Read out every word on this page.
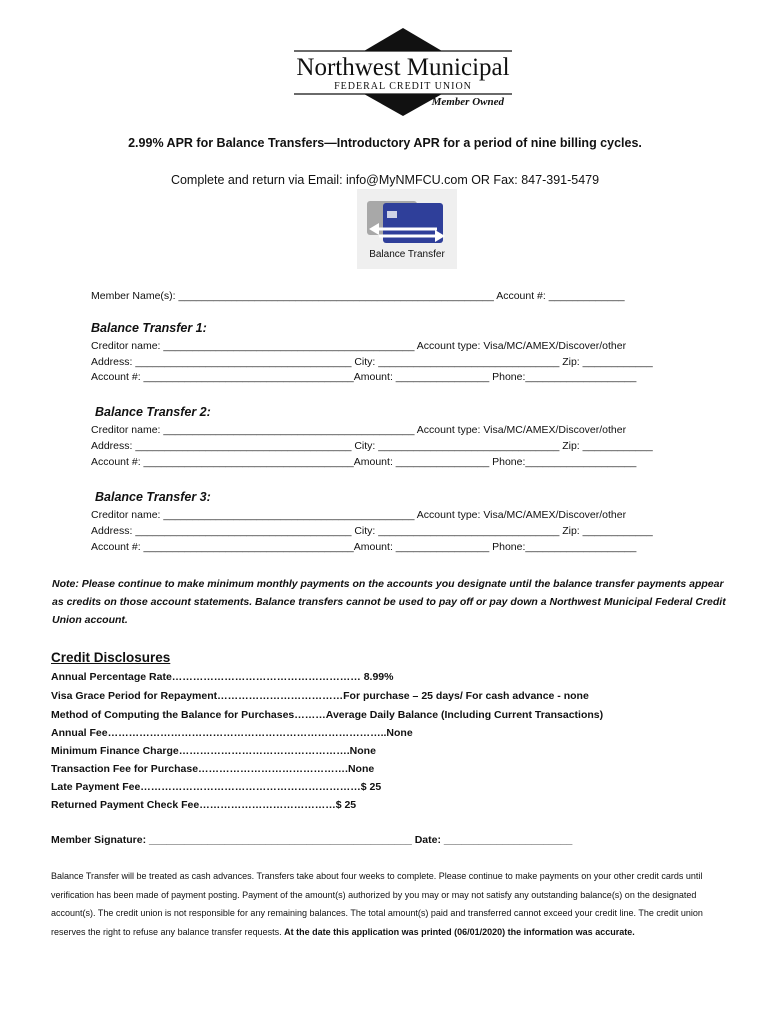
Northwest Municipal
FEDERAL CREDIT UNION
Member Owned
2.99% APR for Balance Transfers—Introductory APR for a period of nine billing cycles.
Complete and return via Email: info@MyNMFCU.com OR Fax: 847-391-5479
Balance Transfer
Member Name(s): ______________________________________________________ Account #: _____________
Balance Transfer 1:
Creditor name: ___________________________________________ Account type: Visa/MC/AMEX/Discover/other
Address: _____________________________________ City: _______________________________ Zip: ____________
Account #: ____________________________________Amount: ________________ Phone:___________________
Balance Transfer 2:
Creditor name: ___________________________________________ Account type: Visa/MC/AMEX/Discover/other
Address: _____________________________________ City: _______________________________ Zip: ____________
Account #: ____________________________________Amount: ________________ Phone:___________________
Balance Transfer 3:
Creditor name: ___________________________________________ Account type: Visa/MC/AMEX/Discover/other
Address: _____________________________________ City: _______________________________ Zip: ____________
Account #: ____________________________________Amount: ________________ Phone:___________________
Note: Please continue to make minimum monthly payments on the accounts you designate until the balance transfer payments appear as credits on those account statements. Balance transfers cannot be used to pay off or pay down a Northwest Municipal Federal Credit Union account.
Credit Disclosures
Annual Percentage Rate……………………………………………… 8.99%
Visa Grace Period for Repayment………………………………For purchase – 25 days/ For cash advance - none
Method of Computing the Balance for Purchases………Average Daily Balance (Including Current Transactions)
Annual Fee……………………………………………………………………..None
Minimum Finance Charge………………………………………….None
Transaction Fee for Purchase…………………………………….None
Late Payment Fee………………………………………………………$ 25
Returned Payment Check Fee…………………………………$ 25
Member Signature: _____________________________________________ Date: ______________________
Balance Transfer will be treated as cash advances. Transfers take about four weeks to complete. Please continue to make payments on your other credit cards until verification has been made of payment posting. Payment of the amount(s) authorized by you may or may not satisfy any outstanding balance(s) on the designated account(s). The credit union is not responsible for any remaining balances. The total amount(s) paid and transferred cannot exceed your credit line. The credit union reserves the right to refuse any balance transfer requests. At the date this application was printed (06/01/2020) the information was accurate.
